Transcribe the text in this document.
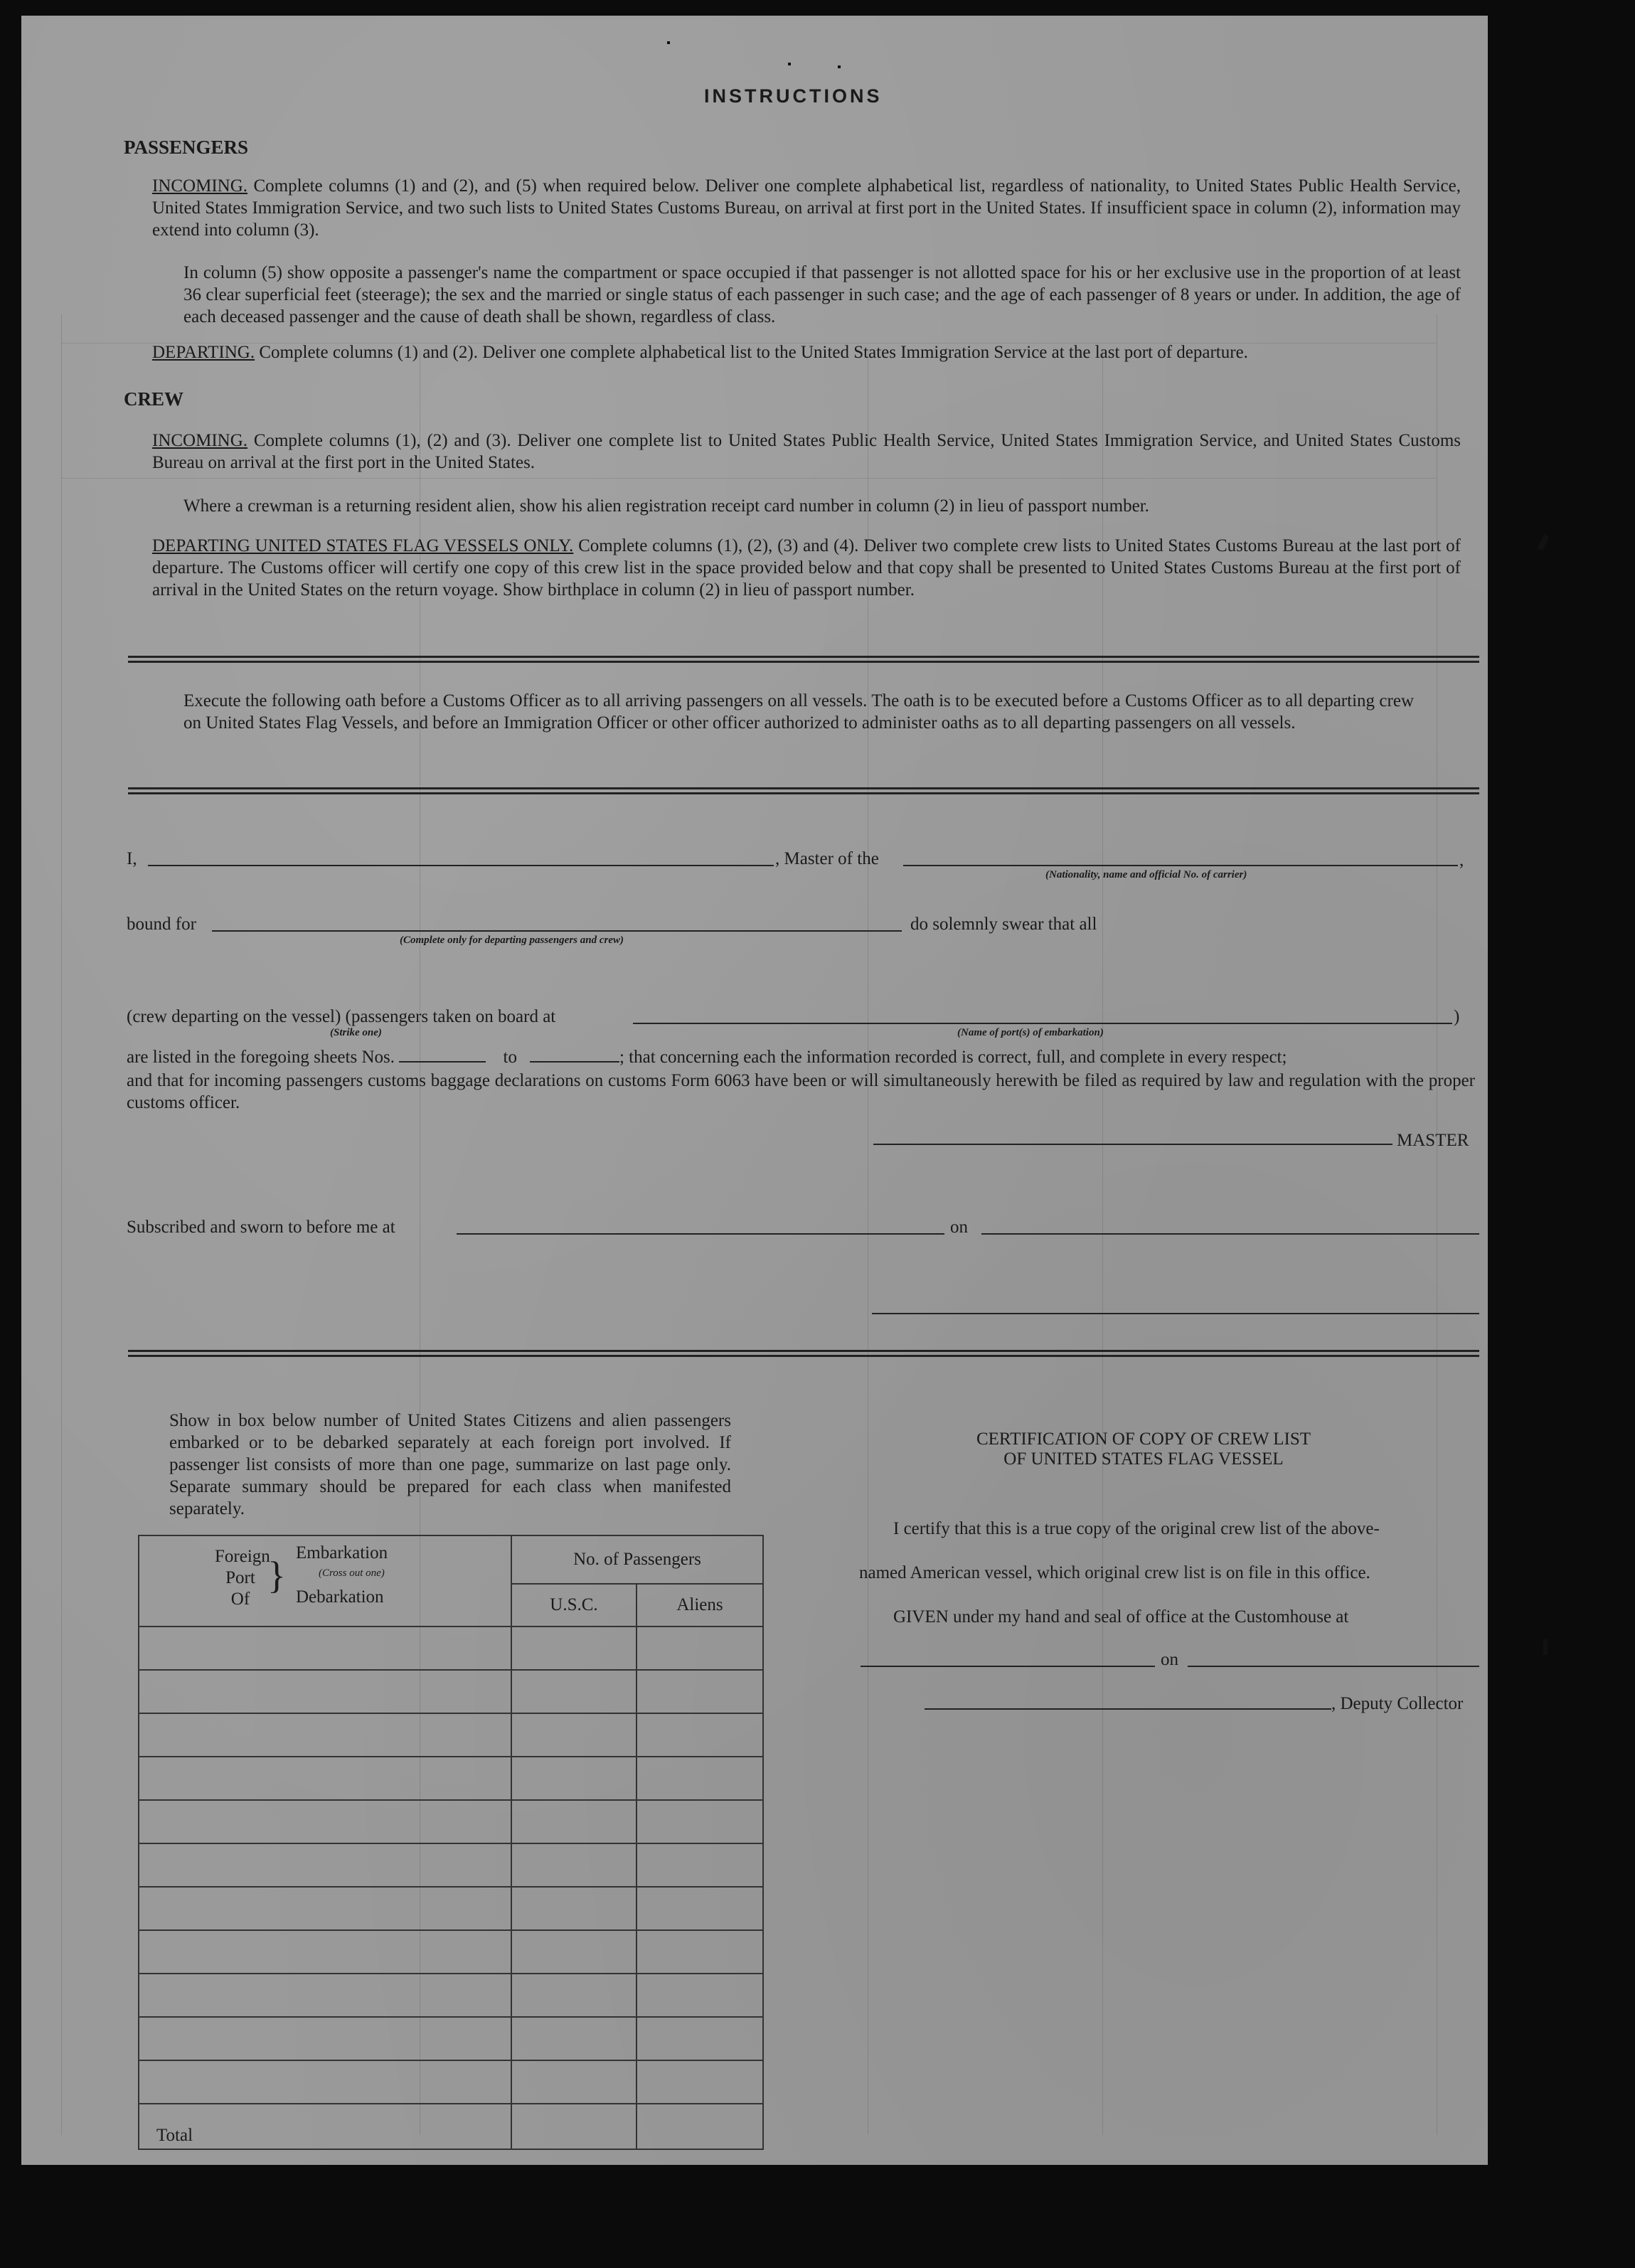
INSTRUCTIONS
PASSENGERS
INCOMING. Complete columns (1) and (2), and (5) when required below. Deliver one complete alphabetical list, regardless of nationality, to United States Public Health Service, United States Immigration Service, and two such lists to United States Customs Bureau, on arrival at first port in the United States. If insufficient space in column (2), information may extend into column (3).
In column (5) show opposite a passenger's name the compartment or space occupied if that passenger is not allotted space for his or her exclusive use in the proportion of at least 36 clear superficial feet (steerage); the sex and the married or single status of each passenger in such case; and the age of each passenger of 8 years or under. In addition, the age of each deceased passenger and the cause of death shall be shown, regardless of class.
DEPARTING. Complete columns (1) and (2). Deliver one complete alphabetical list to the United States Immigration Service at the last port of departure.
CREW
INCOMING. Complete columns (1), (2) and (3). Deliver one complete list to United States Public Health Service, United States Immigration Service, and United States Customs Bureau on arrival at the first port in the United States.
Where a crewman is a returning resident alien, show his alien registration receipt card number in column (2) in lieu of passport number.
DEPARTING UNITED STATES FLAG VESSELS ONLY. Complete columns (1), (2), (3) and (4). Deliver two complete crew lists to United States Customs Bureau at the last port of departure. The Customs officer will certify one copy of this crew list in the space provided below and that copy shall be presented to United States Customs Bureau at the first port of arrival in the United States on the return voyage. Show birthplace in column (2) in lieu of passport number.
Execute the following oath before a Customs Officer as to all arriving passengers on all vessels. The oath is to be executed before a Customs Officer as to all departing crew on United States Flag Vessels, and before an Immigration Officer or other officer authorized to administer oaths as to all departing passengers on all vessels.
I,	, Master of the	,
(Nationality, name and official No. of carrier)
bound for	do solemnly swear that all
(Complete only for departing passengers and crew)
(crew departing on the vessel) (passengers taken on board at	)
(Strike one)	(Name of port(s) of embarkation)
are listed in the foregoing sheets Nos.	to	; that concerning each the information recorded is correct, full, and complete in every respect;
and that for incoming passengers customs baggage declarations on customs Form 6063 have been or will simultaneously herewith be filed as required by law and regulation with the proper customs officer.
MASTER
Subscribed and sworn to before me at	on
Show in box below number of United States Citizens and alien passengers embarked or to be debarked separately at each foreign port involved. If passenger list consists of more than one page, summarize on last page only. Separate summary should be prepared for each class when manifested separately.
Foreign Port Of
}
Embarkation
(Cross out one)
Debarkation	No. of Passengers	
	U.S.C.	Aliens

Total		
CERTIFICATION OF COPY OF CREW LIST
OF UNITED STATES FLAG VESSEL
I certify that this is a true copy of the original crew list of the above-
named American vessel, which original crew list is on file in this office.
GIVEN under my hand and seal of office at the Customhouse at
on
, Deputy Collector
